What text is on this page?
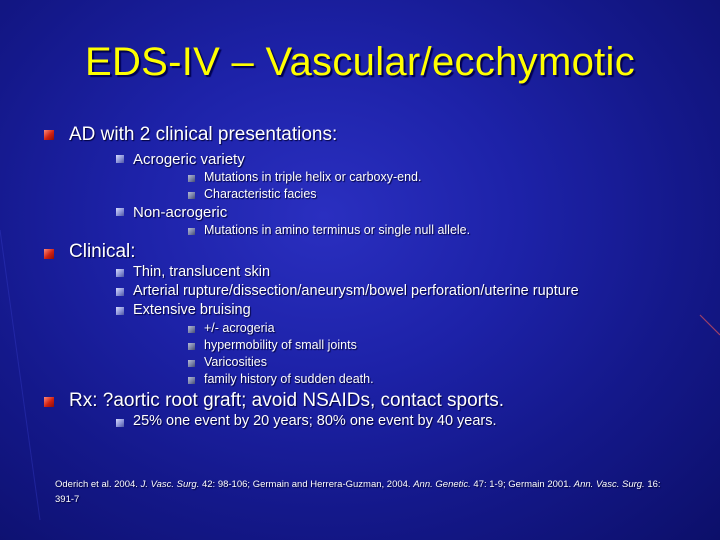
EDS-IV – Vascular/ecchymotic
AD with 2 clinical presentations:
Acrogeric variety
Mutations in triple helix or carboxy-end.
Characteristic facies
Non-acrogeric
Mutations in amino terminus or single null allele.
Clinical:
Thin, translucent skin
Arterial rupture/dissection/aneurysm/bowel perforation/uterine rupture
Extensive bruising
+/- acrogeria
hypermobility of small joints
Varicosities
family history of sudden death.
Rx: ?aortic root graft; avoid NSAIDs, contact sports.
25% one event by 20 years; 80% one event by 40 years.
Oderich et al. 2004. J. Vasc. Surg. 42: 98-106; Germain and Herrera-Guzman, 2004. Ann. Genetic. 47: 1-9; Germain 2001. Ann. Vasc. Surg. 16: 391-7
